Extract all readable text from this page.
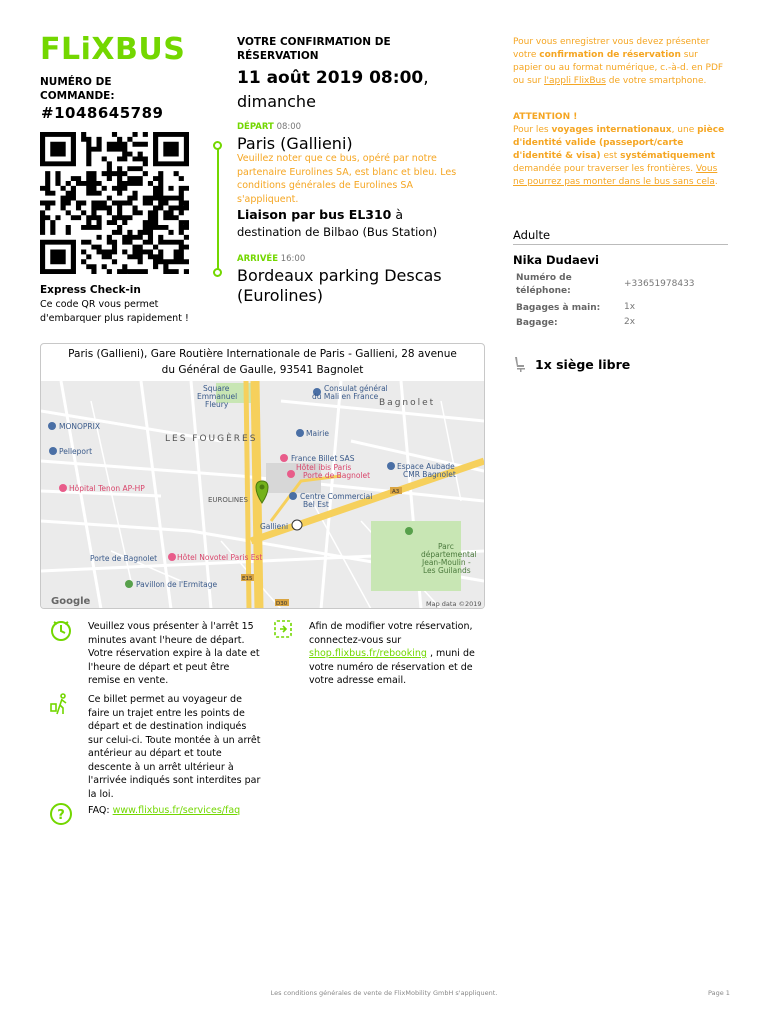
FLiXBUS
NUMÉRO DE COMMANDE:
#1048645789
Express Check-in
Ce code QR vous permet d'embarquer plus rapidement !
VOTRE CONFIRMATION DE RÉSERVATION
11 août 2019 08:00,
dimanche
DÉPART 08:00
Paris (Gallieni)
Veuillez noter que ce bus, opéré par notre partenaire Eurolines SA, est blanc et bleu. Les conditions générales de Eurolines SA s'appliquent.
Liaison par bus EL310 à
destination de Bilbao (Bus Station)
ARRIVÉE 16:00
Bordeaux parking Descas (Eurolines)
Pour vous enregistrer vous devez présenter votre confirmation de réservation sur papier ou au format numérique, c.-à-d. en PDF ou sur l'appli FlixBus de votre smartphone.
ATTENTION !
Pour les voyages internationaux, une pièce d'identité valide (passeport/carte d'identité & visa) est systématiquement demandée pour traverser les frontières. Vous ne pourrez pas monter dans le bus sans cela.
Adulte
Nika Dudaevi
Numéro de téléphone:
+33651978433
Bagages à main:	1x
Bagage:	2x
1x siège libre
Paris (Gallieni), Gare Routière Internationale de Paris - Gallieni, 28 avenue du Général de Gaulle, 93541 Bagnolet
Square
Emmanuel
Fleury
Consulat général
du Mali en France
MONOPRIX
Pelleport
France Billet SAS
Espace Aubade
CMR Bagnolet
Centre Commercial
Bel Est
Gallieni
Porte de Bagnolet
Pavillon de l'Ermitage
Mairie
Hôpital Tenon AP-HP
Hôtel Novotel Paris Est
Hôtel ibis Paris
Porte de Bagnolet
Parc
départemental
Jean-Moulin -
Les Guilands
LES FOUGÈRES
Bagnolet
EUROLINES
Google	Map data ©2019
A3
E15
D30
Veuillez vous présenter à l'arrêt 15 minutes avant l'heure de départ. Votre réservation expire à la date et l'heure de départ et peut être remise en vente.
Afin de modifier votre réservation, connectez-vous sur
shop.flixbus.fr/rebooking , muni de votre numéro de réservation et de votre adresse email.
Ce billet permet au voyageur de faire un trajet entre les points de départ et de destination indiqués sur celui-ci. Toute montée à un arrêt antérieur au départ et toute descente à un arrêt ultérieur à l'arrivée indiqués sont interdites par la loi.
? FAQ: www.flixbus.fr/services/faq
Les conditions générales de vente de FlixMobility GmbH s'appliquent.	Page 1
